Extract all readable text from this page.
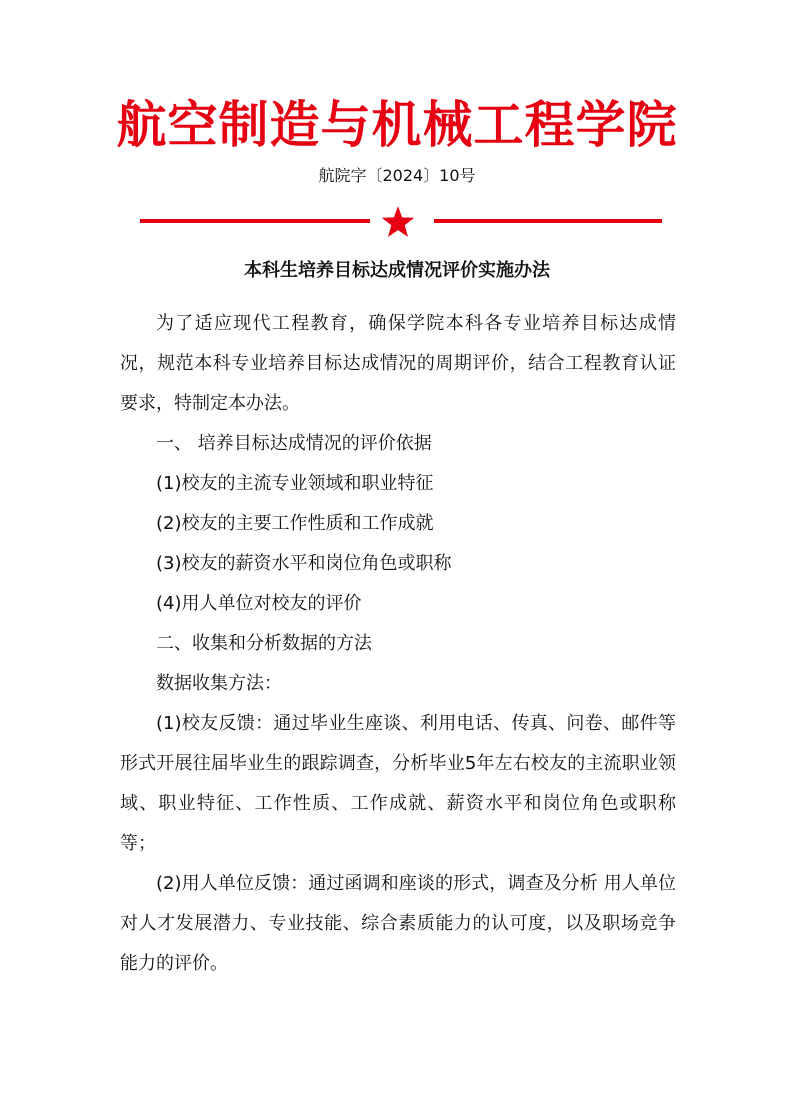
航空制造与机械工程学院
航院字〔2024〕10号
本科生培养目标达成情况评价实施办法

为了适应现代工程教育，确保学院本科各专业培养目标达成情况，规范本科专业培养目标达成情况的周期评价，结合工程教育认证要求，特制定本办法。

一、 培养目标达成情况的评价依据

(1)校友的主流专业领域和职业特征

(2)校友的主要工作性质和工作成就

(3)校友的薪资水平和岗位角色或职称

(4)用人单位对校友的评价

二、收集和分析数据的方法

数据收集方法：

(1)校友反馈：通过毕业生座谈、利用电话、传真、问卷、邮件等形式开展往届毕业生的跟踪调查，分析毕业5年左右校友的主流职业领域、职业特征、工作性质、工作成就、薪资水平和岗位角色或职称等；

(2)用人单位反馈：通过函调和座谈的形式，调查及分析 用人单位对人才发展潜力、专业技能、综合素质能力的认可度，以及职场竞争能力的评价。
